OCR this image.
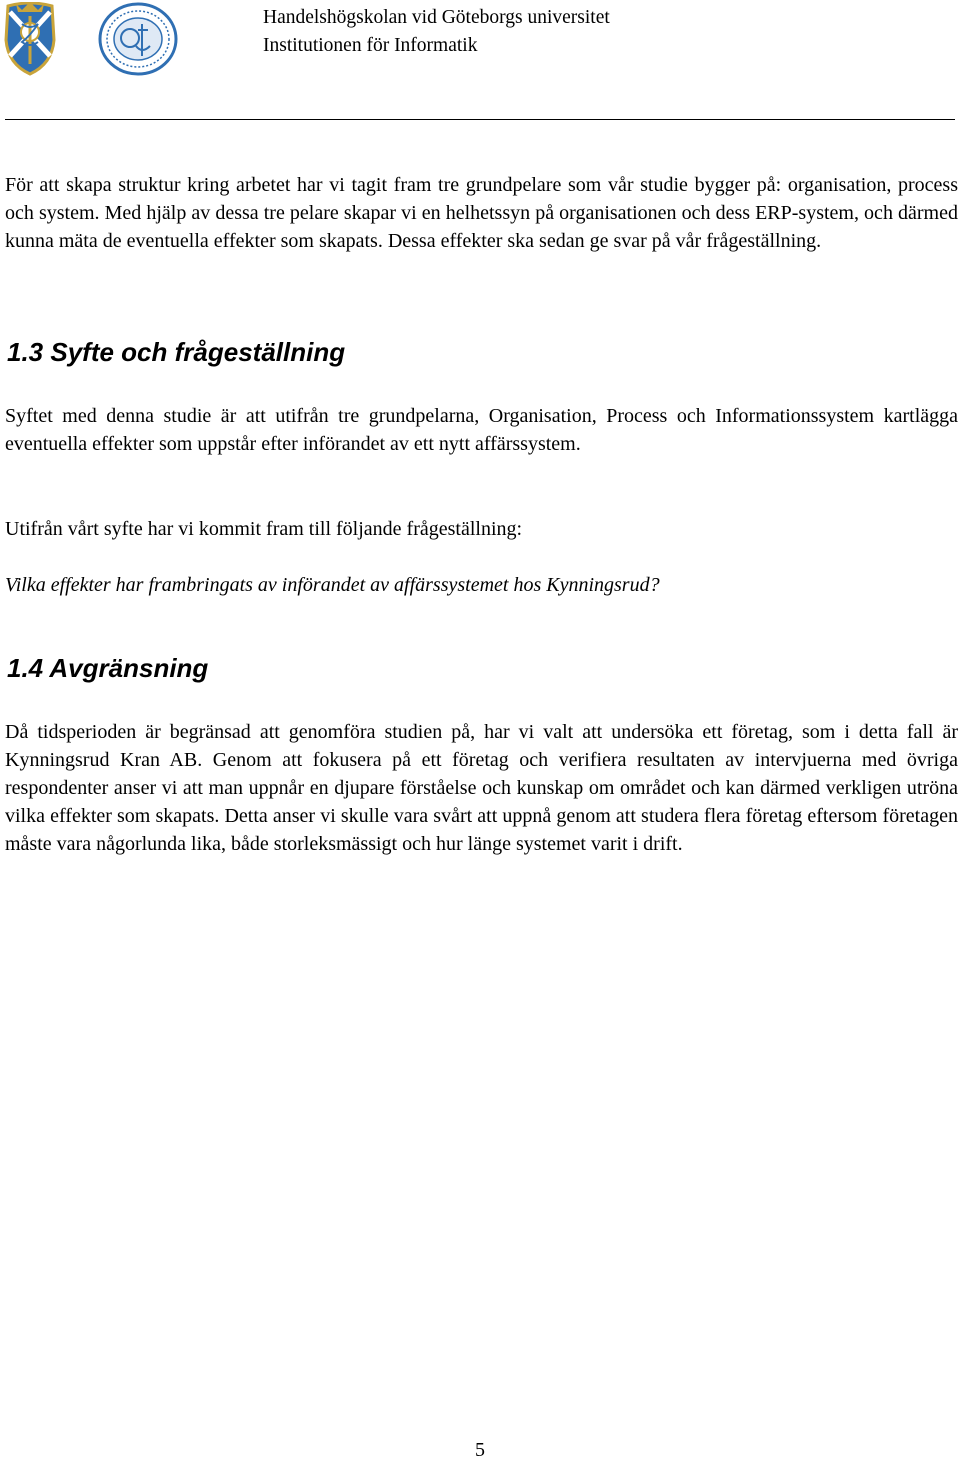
Handelshögskolan vid Göteborgs universitet
Institutionen för Informatik

För att skapa struktur kring arbetet har vi tagit fram tre grundpelare som vår studie bygger på: organisation, process och system. Med hjälp av dessa tre pelare skapar vi en helhetssyn på organisationen och dess ERP-system, och därmed kunna mäta de eventuella effekter som skapats. Dessa effekter ska sedan ge svar på vår frågeställning.

1.3 Syfte och frågeställning

Syftet med denna studie är att utifrån tre grundpelarna, Organisation, Process och Informationssystem kartlägga eventuella effekter som uppstår efter införandet av ett nytt affärssystem.

Utifrån vårt syfte har vi kommit fram till följande frågeställning:

Vilka effekter har frambringats av införandet av affärssystemet hos Kynningsrud?

1.4 Avgränsning

Då tidsperioden är begränsad att genomföra studien på, har vi valt att undersöka ett företag, som i detta fall är Kynningsrud Kran AB. Genom att fokusera på ett företag och verifiera resultaten av intervjuerna med övriga respondenter anser vi att man uppnår en djupare förståelse och kunskap om området och kan därmed verkligen utröna vilka effekter som skapats. Detta anser vi skulle vara svårt att uppnå genom att studera flera företag eftersom företagen måste vara någorlunda lika, både storleksmässigt och hur länge systemet varit i drift.

5
